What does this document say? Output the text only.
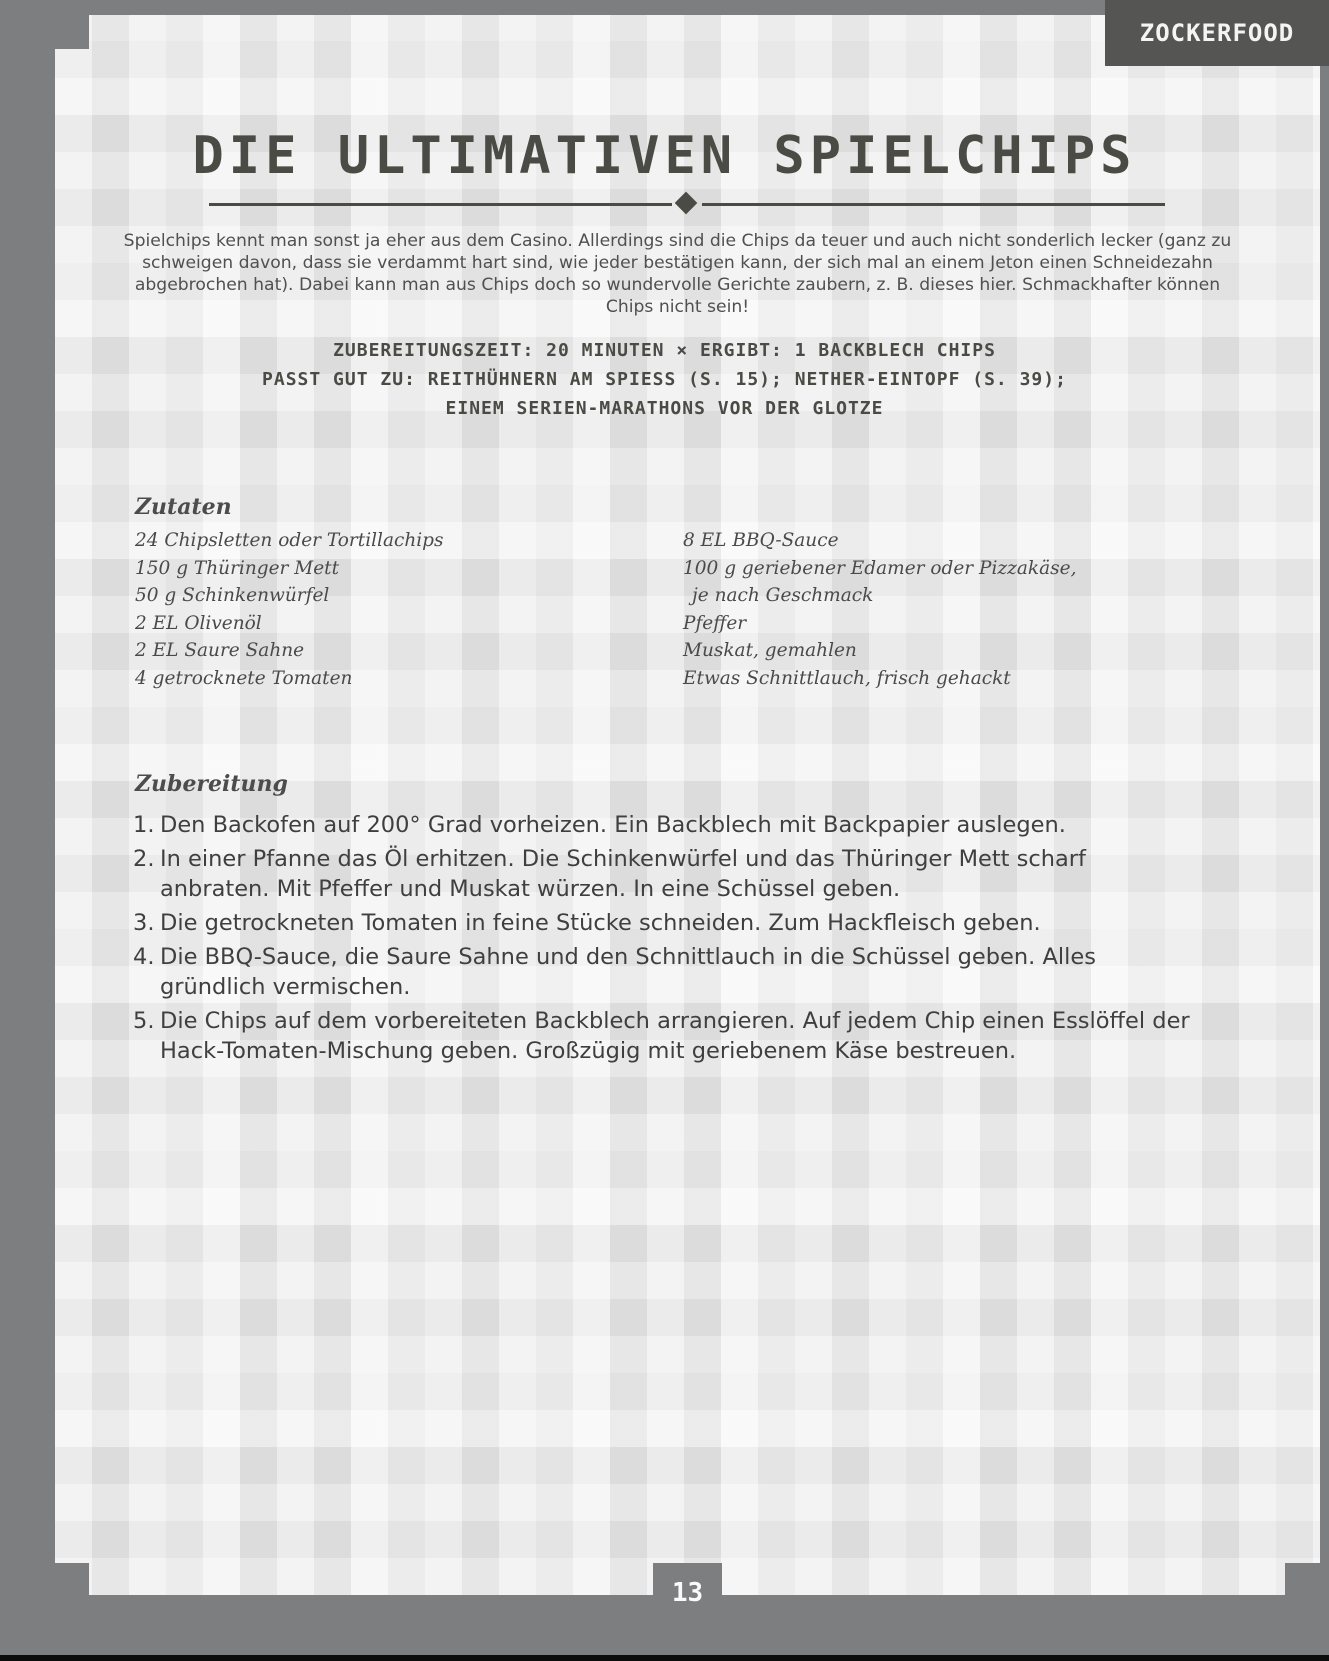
ZOCKERFOOD
DIE ULTIMATIVEN SPIELCHIPS

Spielchips kennt man sonst ja eher aus dem Casino. Allerdings sind die Chips da teuer und auch nicht sonderlich lecker (ganz zu schweigen davon, dass sie verdammt hart sind, wie jeder bestätigen kann, der sich mal an einem Jeton einen Schneidezahn abgebrochen hat). Dabei kann man aus Chips doch so wundervolle Gerichte zaubern, z. B. dieses hier. Schmackhafter können Chips nicht sein!

ZUBEREITUNGSZEIT: 20 MINUTEN × ERGIBT: 1 BACKBLECH CHIPS

PASST GUT ZU: REITHÜHNERN AM SPIESS (S. 15); NETHER-EINTOPF (S. 39);

EINEM SERIEN-MARATHONS VOR DER GLOTZE

Zutaten
24 Chipsletten oder Tortillachips
150 g Thüringer Mett
50 g Schinkenwürfel
2 EL Olivenöl
2 EL Saure Sahne
4 getrocknete Tomaten
8 EL BBQ-Sauce
100 g geriebener Edamer oder Pizzakäse,
je nach Geschmack
Pfeffer
Muskat, gemahlen
Etwas Schnittlauch, frisch gehackt
Zubereitung
1. Den Backofen auf 200° Grad vorheizen. Ein Backblech mit Backpapier auslegen.
2. In einer Pfanne das Öl erhitzen. Die Schinkenwürfel und das Thüringer Mett scharf anbraten. Mit Pfeffer und Muskat würzen. In eine Schüssel geben.
3. Die getrockneten Tomaten in feine Stücke schneiden. Zum Hackfleisch geben.
4. Die BBQ-Sauce, die Saure Sahne und den Schnittlauch in die Schüssel geben. Alles gründlich vermischen.
5. Die Chips auf dem vorbereiteten Backblech arrangieren. Auf jedem Chip einen Esslöffel der Hack-Tomaten-Mischung geben. Großzügig mit geriebenem Käse bestreuen.
13
